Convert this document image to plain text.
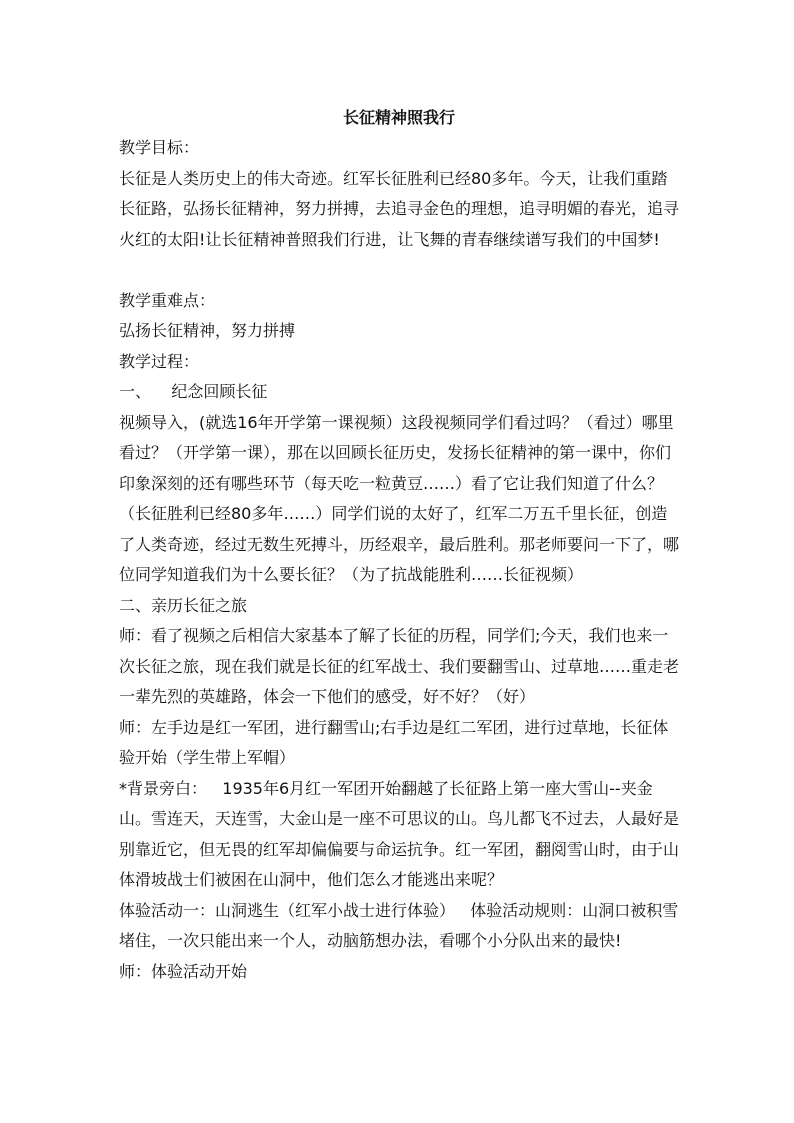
长征精神照我行

教学目标：

长征是人类历史上的伟大奇迹。红军长征胜利已经80多年。今天，让我们重踏长征路，弘扬长征精神，努力拼搏，去追寻金色的理想，追寻明媚的春光，追寻火红的太阳!让长征精神普照我们行进，让飞舞的青春继续谱写我们的中国梦!

教学重难点：

弘扬长征精神，努力拼搏

教学过程：

一、    纪念回顾长征

视频导入，(就选16年开学第一课视频）这段视频同学们看过吗？（看过）哪里看过？（开学第一课），那在以回顾长征历史，发扬长征精神的第一课中，你们印象深刻的还有哪些环节（每天吃一粒黄豆……）看了它让我们知道了什么？（长征胜利已经80多年……）同学们说的太好了，红军二万五千里长征，创造了人类奇迹，经过无数生死搏斗，历经艰辛，最后胜利。那老师要问一下了，哪位同学知道我们为十么要长征？（为了抗战能胜利……长征视频）

二、亲历长征之旅

师：看了视频之后相信大家基本了解了长征的历程，同学们;今天，我们也来一次长征之旅，现在我们就是长征的红军战士、我们要翻雪山、过草地……重走老一辈先烈的英雄路，体会一下他们的感受，好不好？（好）

师：左手边是红一军团，进行翻雪山;右手边是红二军团，进行过草地，长征体验开始（学生带上军帽）

*背景旁白：   1935年6月红一军团开始翻越了长征路上第一座大雪山--夹金山。雪连天，天连雪，大金山是一座不可思议的山。鸟儿都飞不过去，人最好是别靠近它，但无畏的红军却偏偏要与命运抗争。红一军团，翻阅雪山时，由于山体滑坡战士们被困在山洞中，他们怎么才能逃出来呢？

体验活动一：山洞逃生（红军小战士进行体验）   体验活动规则：山洞口被积雪堵住，一次只能出来一个人，动脑筋想办法，看哪个小分队出来的最快!

师：体验活动开始
